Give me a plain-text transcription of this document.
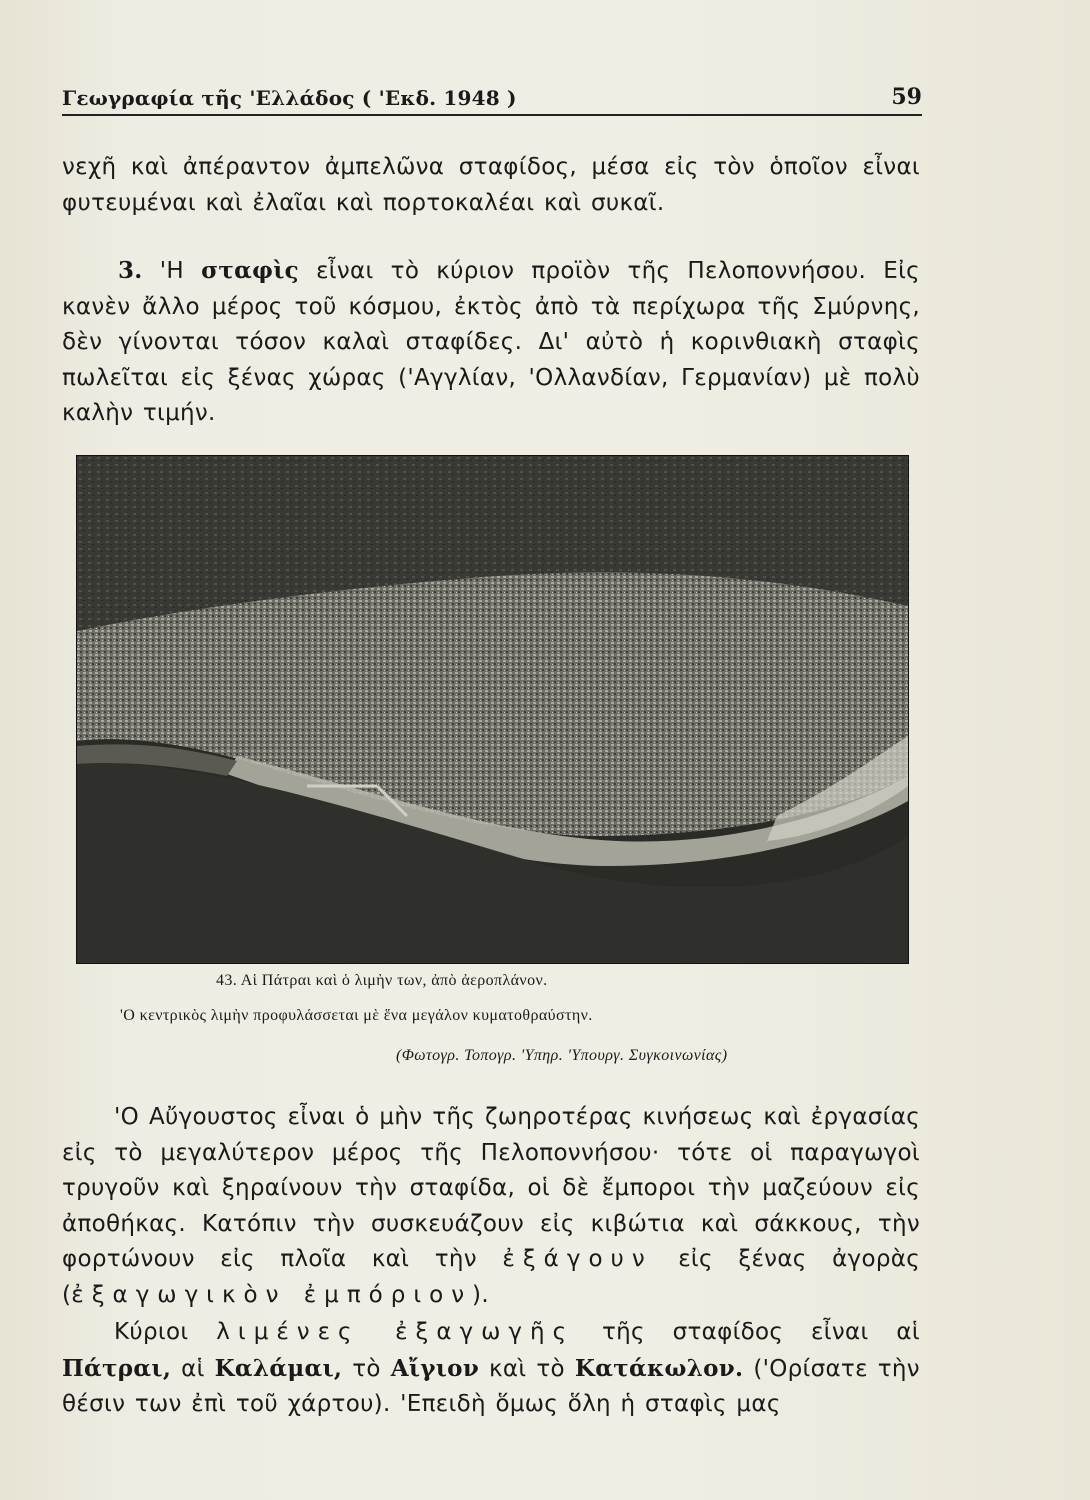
Γεωγραφία τῆς 'Ελλάδος ( 'Εκδ. 1948 )	59
νεχῆ καὶ ἀπέραντον ἀμπελῶνα σταφίδος, μέσα εἰς τὸν ὁποῖον εἶναι φυτευμέναι καὶ ἐλαῖαι καὶ πορτοκαλέαι καὶ συκαῖ.
3. 'Η σταφὶς εἶναι τὸ κύριον προϊὸν τῆς Πελοποννήσου. Εἰς κανὲν ἄλλο μέρος τοῦ κόσμου, ἐκτὸς ἀπὸ τὰ περίχωρα τῆς Σμύρνης, δὲν γίνονται τόσον καλαὶ σταφίδες. Δι' αὐτὸ ἡ κορινθιακὴ σταφὶς πωλεῖται εἰς ξένας χώρας ('Αγγλίαν, 'Ολλανδίαν, Γερμανίαν) μὲ πολὺ καλὴν τιμήν.
43. Αἱ Πάτραι καὶ ὁ λιμὴν των, ἀπὸ ἀεροπλάνον.
'Ο κεντρικὸς λιμὴν προφυλάσσεται μὲ ἕνα μεγάλον κυματοθραύστην.
(Φωτογρ. Τοπογρ. 'Υπηρ. 'Υπουργ. Συγκοινωνίας)
'Ο Αὔγουστος εἶναι ὁ μὴν τῆς ζωηροτέρας κινήσεως καὶ ἐργασίας εἰς τὸ μεγαλύτερον μέρος τῆς Πελοποννήσου· τότε οἱ παραγωγοὶ τρυγοῦν καὶ ξηραίνουν τὴν σταφίδα, οἱ δὲ ἔμποροι τὴν μαζεύουν εἰς ἀποθήκας. Κατόπιν τὴν συσκευάζουν εἰς κιβώτια καὶ σάκκους, τὴν φορτώνουν εἰς πλοῖα καὶ τὴν ἐξάγουν εἰς ξένας ἀγορὰς (ἐξαγωγικὸν ἐμπόριον).
Κύριοι λιμένες ἐξαγωγῆς τῆς σταφίδος εἶναι αἱ Πάτραι, αἱ Καλάμαι, τὸ Αἴγιον καὶ τὸ Κατάκωλον. ('Ορίσατε τὴν θέσιν των ἐπὶ τοῦ χάρτου). 'Επειδὴ ὅμως ὅλη ἡ σταφὶς μας
